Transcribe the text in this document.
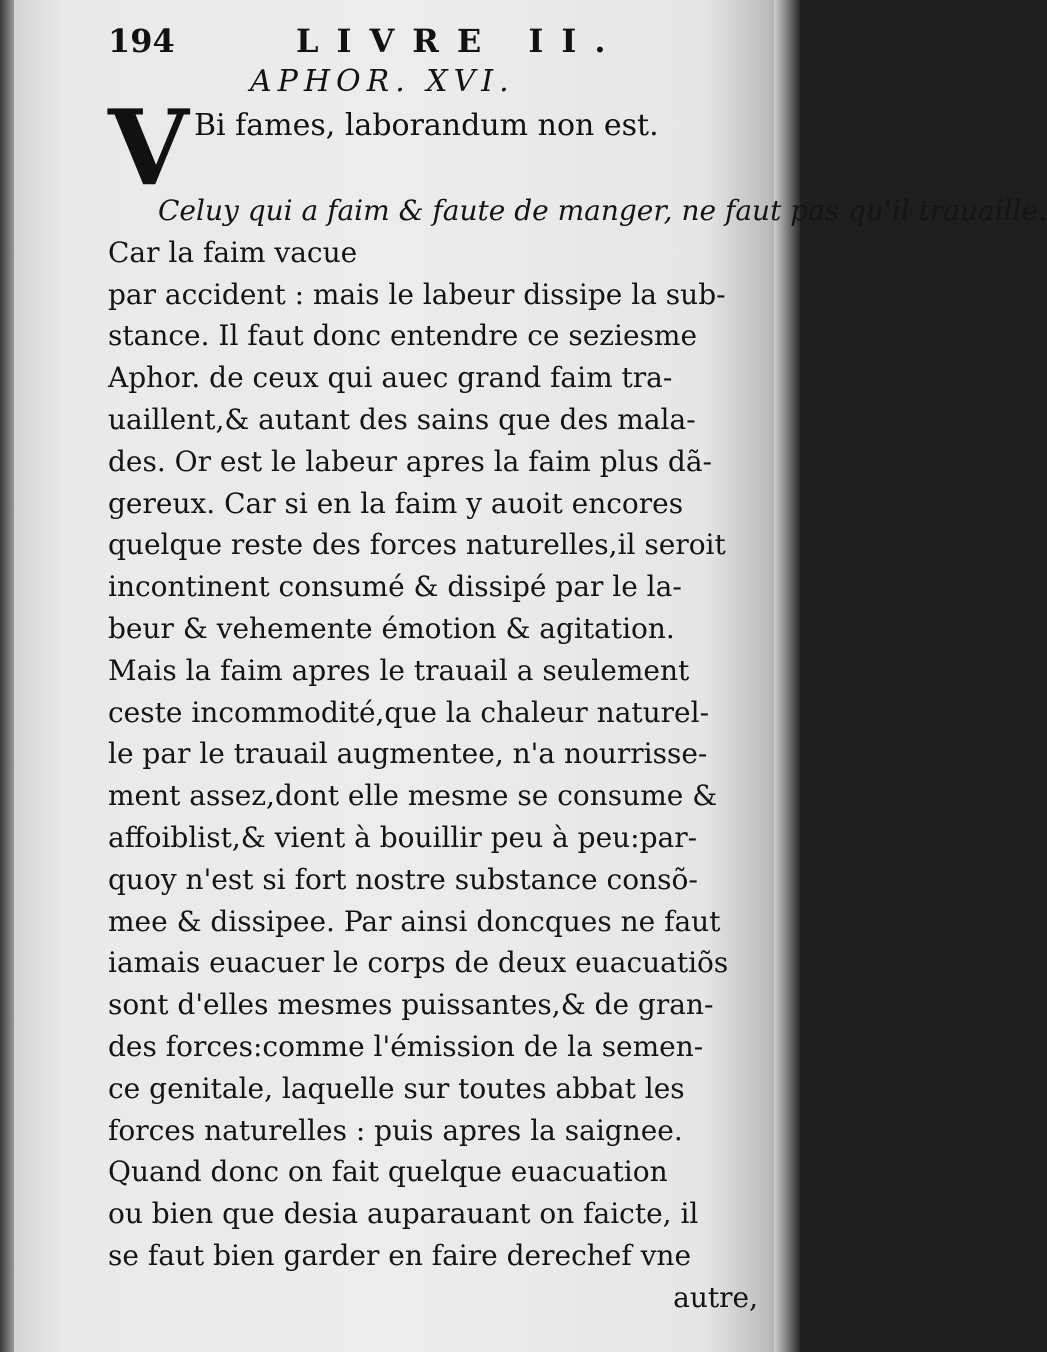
194	LIVRE II.
APHOR. XVI.
V Bi fames, laborandum non est.
Celuy qui a faim & faute de manger, ne faut pas qu'il trauaille.
Car la faim vacue
par accident : mais le labeur dissipe la sub-
stance. Il faut donc entendre ce seziesme
Aphor. de ceux qui auec grand faim tra-
uaillent,& autant des sains que des mala-
des. Or est le labeur apres la faim plus dã-
gereux. Car si en la faim y auoit encores
quelque reste des forces naturelles,il seroit
incontinent consumé & dissipé par le la-
beur & vehemente émotion & agitation.
Mais la faim apres le trauail a seulement
ceste incommodité,que la chaleur naturel-
le par le trauail augmentee, n'a nourrisse-
ment assez,dont elle mesme se consume &
affoiblist,& vient à bouillir peu à peu:par-
quoy n'est si fort nostre substance consõ-
mee & dissipee. Par ainsi doncques ne faut
iamais euacuer le corps de deux euacuatiõs
sont d'elles mesmes puissantes,& de gran-
des forces:comme l'émission de la semen-
ce genitale, laquelle sur toutes abbat les
forces naturelles : puis apres la saignee.
Quand donc on fait quelque euacuation
ou bien que desia auparauant on faicte, il
se faut bien garder en faire derechef vne
autre,
